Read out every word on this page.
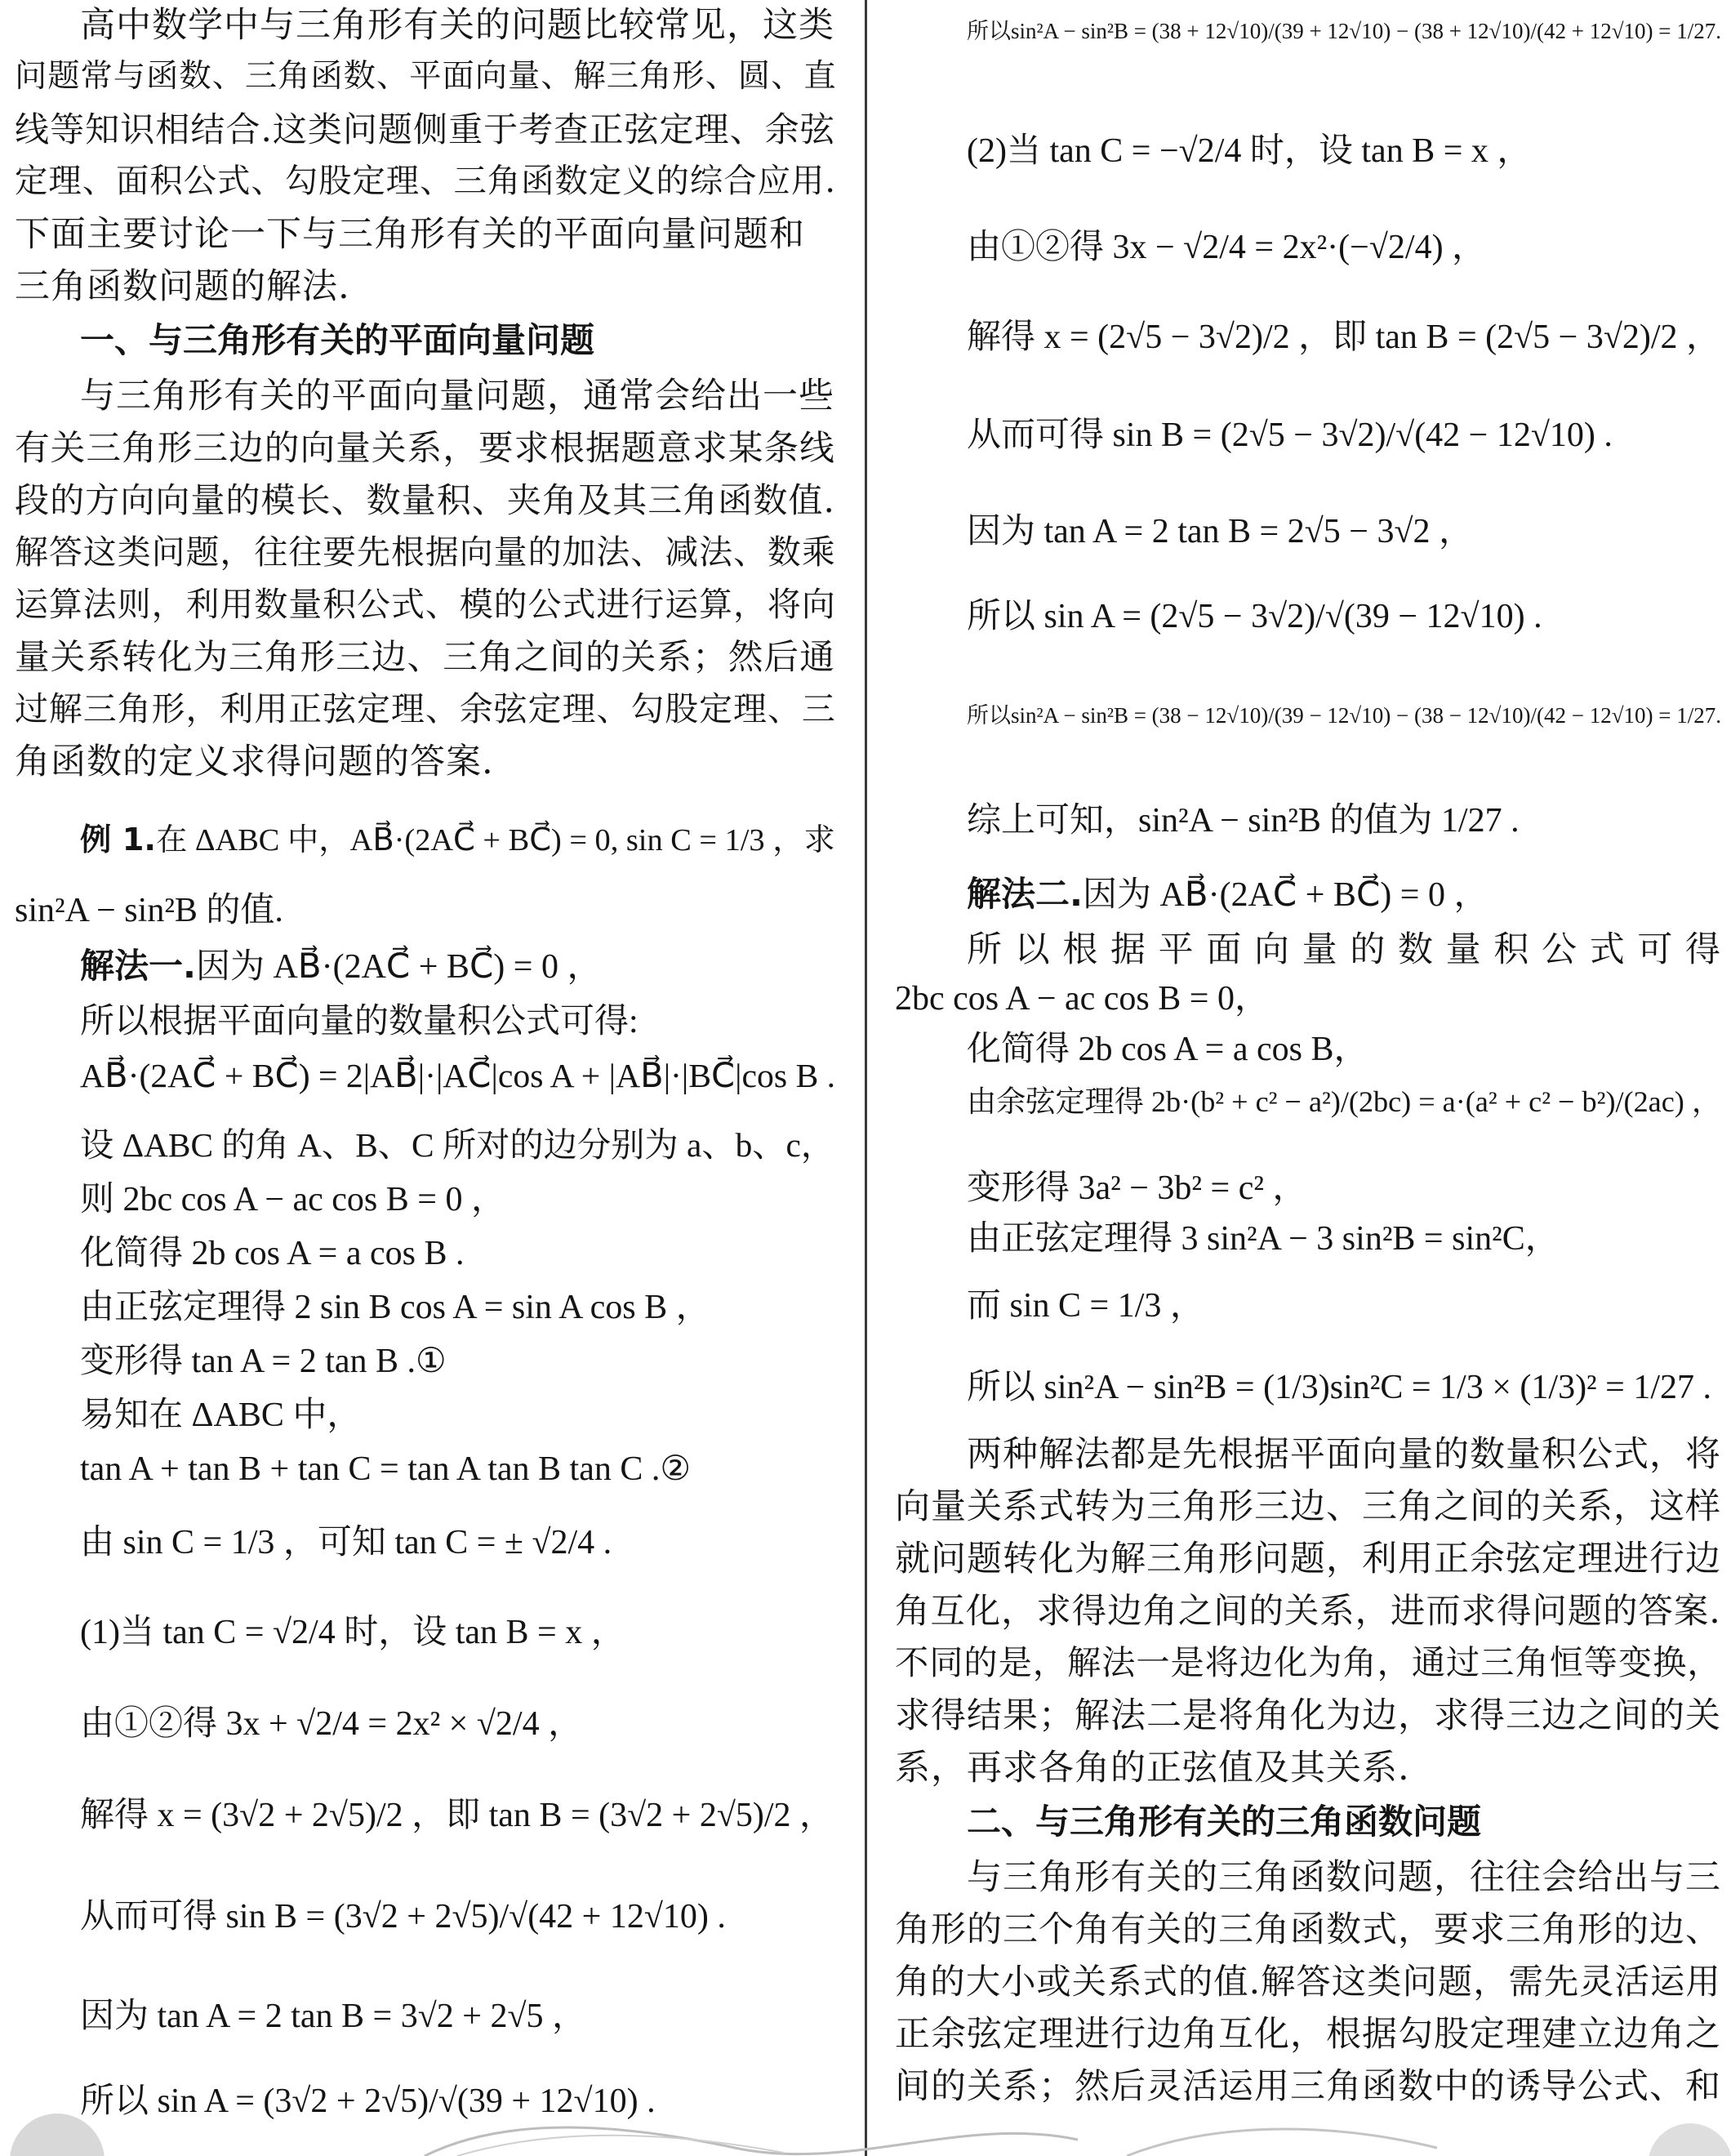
高中数学中与三角形有关的问题比较常见，这类
问题常与函数、三角函数、平面向量、解三角形、圆、直
线等知识相结合.这类问题侧重于考查正弦定理、余弦
定理、面积公式、勾股定理、三角函数定义的综合应用.
下面主要讨论一下与三角形有关的平面向量问题和
三角函数问题的解法.
一、与三角形有关的平面向量问题
与三角形有关的平面向量问题，通常会给出一些
有关三角形三边的向量关系，要求根据题意求某条线
段的方向向量的模长、数量积、夹角及其三角函数值.
解答这类问题，往往要先根据向量的加法、减法、数乘
运算法则，利用数量积公式、模的公式进行运算，将向
量关系转化为三角形三边、三角之间的关系；然后通
过解三角形，利用正弦定理、余弦定理、勾股定理、三
角函数的定义求得问题的答案.
例 1.在 ΔABC 中，AB⃗·(2AC⃗ + BC⃗) = 0, sin C = 1/3 ，求
sin²A − sin²B 的值.
解法一.因为 AB⃗·(2AC⃗ + BC⃗) = 0 ，
所以根据平面向量的数量积公式可得:
AB⃗·(2AC⃗ + BC⃗) = 2|AB⃗|·|AC⃗|cos A + |AB⃗|·|BC⃗|cos B .
设 ΔABC 的角 A、B、C 所对的边分别为 a、b、c，
则 2bc cos A − ac cos B = 0 ，
化简得 2b cos A = a cos B .
由正弦定理得 2 sin B cos A = sin A cos B ，
变形得 tan A = 2 tan B .①
易知在 ΔABC 中，
tan A + tan B + tan C = tan A tan B tan C .②
由 sin C = 1/3 ，可知 tan C = ± √2/4 .
(1)当 tan C = √2/4 时，设 tan B = x ，
由①②得 3x + √2/4 = 2x² × √2/4 ，
解得 x = (3√2 + 2√5)/2 ，即 tan B = (3√2 + 2√5)/2 ，
从而可得 sin B = (3√2 + 2√5)/√(42 + 12√10) .
因为 tan A = 2 tan B = 3√2 + 2√5 ，
所以 sin A = (3√2 + 2√5)/√(39 + 12√10) .
所以sin²A − sin²B = (38 + 12√10)/(39 + 12√10) − (38 + 12√10)/(42 + 12√10) = 1/27.
(2)当 tan C = −√2/4 时，设 tan B = x ，
由①②得 3x − √2/4 = 2x²·(−√2/4) ，
解得 x = (2√5 − 3√2)/2 ，即 tan B = (2√5 − 3√2)/2 ，
从而可得 sin B = (2√5 − 3√2)/√(42 − 12√10) .
因为 tan A = 2 tan B = 2√5 − 3√2 ，
所以 sin A = (2√5 − 3√2)/√(39 − 12√10) .
所以sin²A − sin²B = (38 − 12√10)/(39 − 12√10) − (38 − 12√10)/(42 − 12√10) = 1/27.
综上可知，sin²A − sin²B 的值为 1/27 .
解法二.因为 AB⃗·(2AC⃗ + BC⃗) = 0 ，
所 以 根 据 平 面 向 量 的 数 量 积 公 式 可 得
2bc cos A − ac cos B = 0，
化简得 2b cos A = a cos B，
由余弦定理得 2b·(b² + c² − a²)/(2bc) = a·(a² + c² − b²)/(2ac) ，
变形得 3a² − 3b² = c² ，
由正弦定理得 3 sin²A − 3 sin²B = sin²C，
而 sin C = 1/3 ，
所以 sin²A − sin²B = (1/3)sin²C = 1/3 × (1/3)² = 1/27 .
两种解法都是先根据平面向量的数量积公式，将
向量关系式转为三角形三边、三角之间的关系，这样
就问题转化为解三角形问题，利用正余弦定理进行边
角互化，求得边角之间的关系，进而求得问题的答案.
不同的是，解法一是将边化为角，通过三角恒等变换，
求得结果；解法二是将角化为边，求得三边之间的关
系，再求各角的正弦值及其关系.
二、与三角形有关的三角函数问题
与三角形有关的三角函数问题，往往会给出与三
角形的三个角有关的三角函数式，要求三角形的边、
角的大小或关系式的值.解答这类问题，需先灵活运用
正余弦定理进行边角互化，根据勾股定理建立边角之
间的关系；然后灵活运用三角函数中的诱导公式、和
